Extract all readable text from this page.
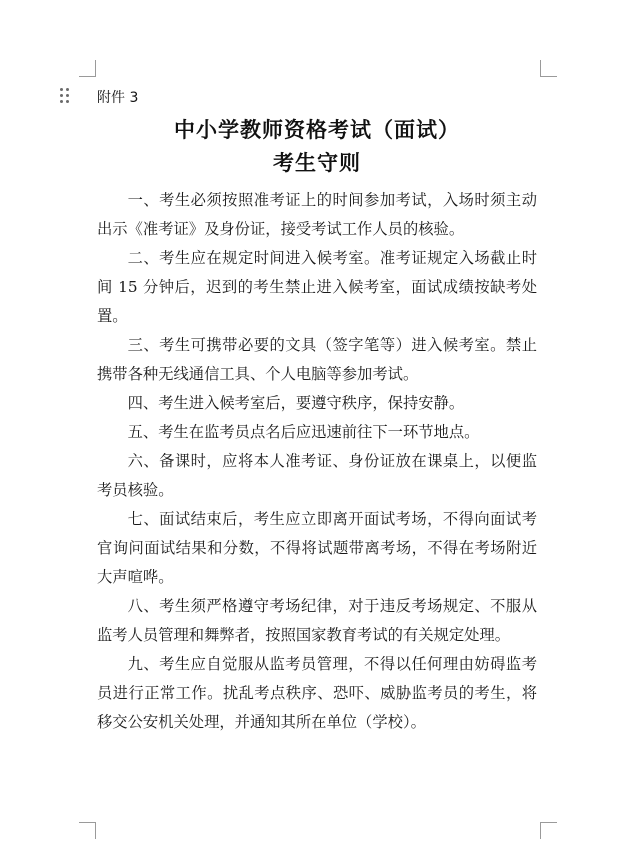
附件 3
中小学教师资格考试（面试）
考生守则

一、考生必须按照准考证上的时间参加考试，入场时须主动出示《准考证》及身份证，接受考试工作人员的核验。

二、考生应在规定时间进入候考室。准考证规定入场截止时间 15 分钟后，迟到的考生禁止进入候考室，面试成绩按缺考处置。

三、考生可携带必要的文具（签字笔等）进入候考室。禁止携带各种无线通信工具、个人电脑等参加考试。

四、考生进入候考室后，要遵守秩序，保持安静。

五、考生在监考员点名后应迅速前往下一环节地点。

六、备课时，应将本人准考证、身份证放在课桌上，以便监考员核验。

七、面试结束后，考生应立即离开面试考场，不得向面试考官询问面试结果和分数，不得将试题带离考场，不得在考场附近大声喧哗。

八、考生须严格遵守考场纪律，对于违反考场规定、不服从监考人员管理和舞弊者，按照国家教育考试的有关规定处理。

九、考生应自觉服从监考员管理，不得以任何理由妨碍监考员进行正常工作。扰乱考点秩序、恐吓、威胁监考员的考生，将移交公安机关处理，并通知其所在单位（学校）。
